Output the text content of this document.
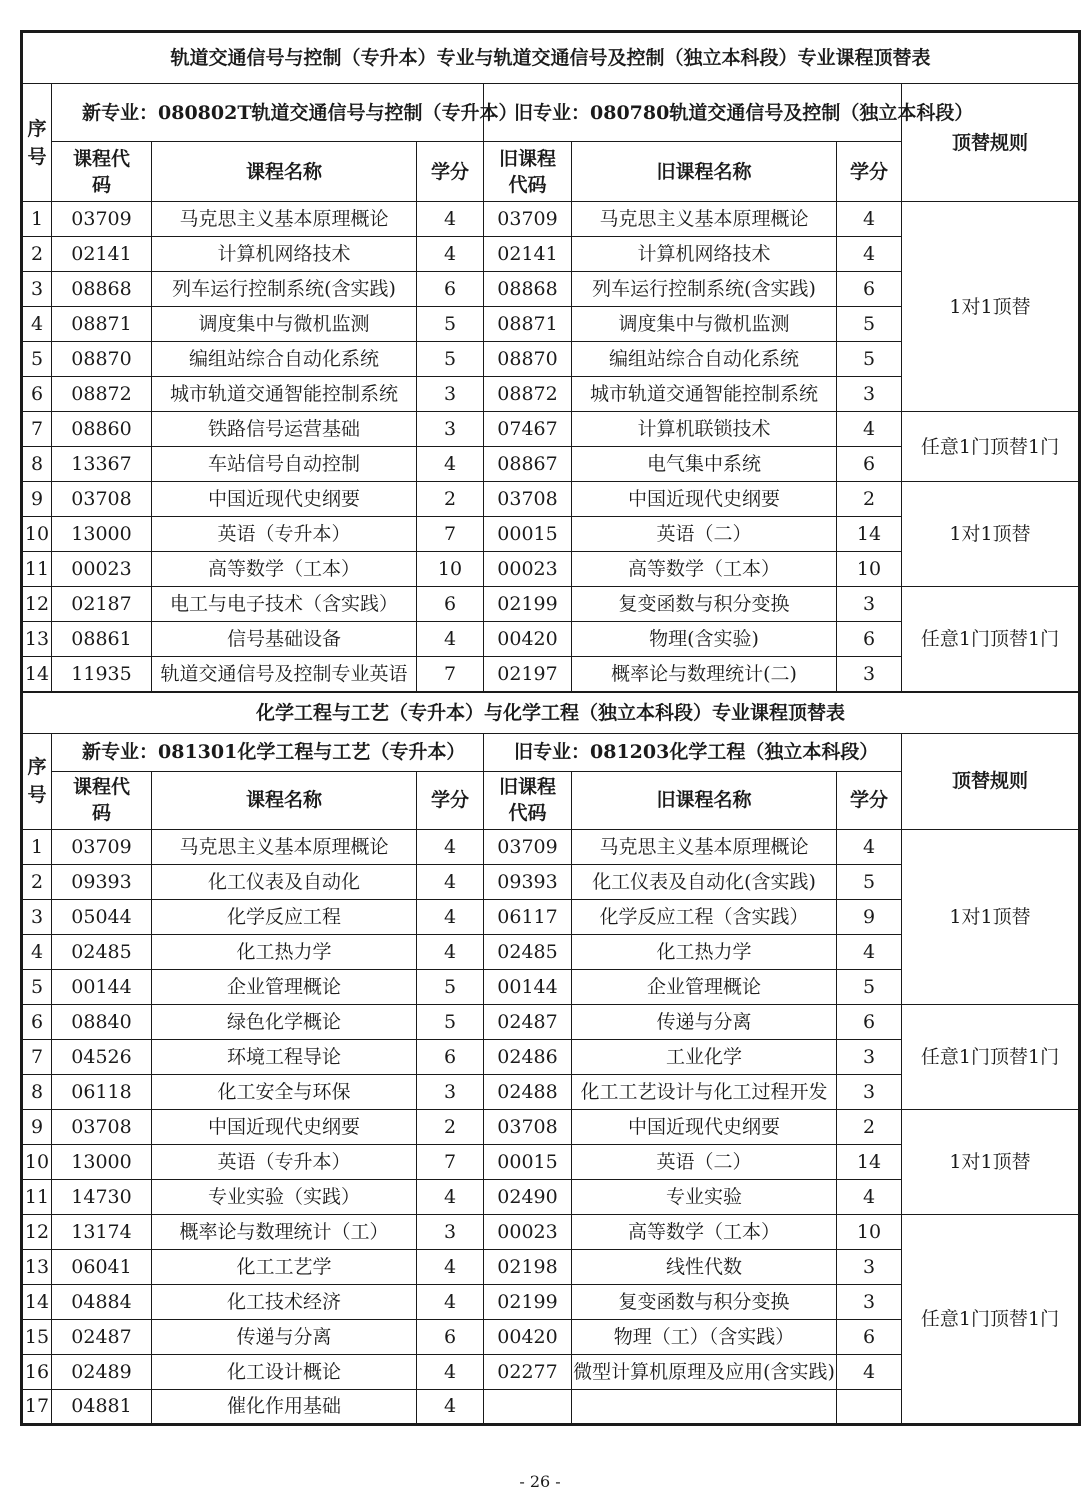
轨道交通信号与控制（专升本）专业与轨道交通信号及控制（独立本科段）专业课程顶替表							
序号	新专业：080802T轨道交通信号与控制（专升本）			旧专业：080780轨道交通信号及控制（独立本科段）			顶替规则
	课程代码	课程名称	学分	旧课程代码	旧课程名称	学分	
1	03709	马克思主义基本原理概论	4	03709	马克思主义基本原理概论	4	1对1顶替
2	02141	计算机网络技术	4	02141	计算机网络技术	4	
3	08868	列车运行控制系统(含实践)	6	08868	列车运行控制系统(含实践)	6	
4	08871	调度集中与微机监测	5	08871	调度集中与微机监测	5	
5	08870	编组站综合自动化系统	5	08870	编组站综合自动化系统	5	
6	08872	城市轨道交通智能控制系统	3	08872	城市轨道交通智能控制系统	3	
7	08860	铁路信号运营基础	3	07467	计算机联锁技术	4	任意1门顶替1门
8	13367	车站信号自动控制	4	08867	电气集中系统	6	
9	03708	中国近现代史纲要	2	03708	中国近现代史纲要	2	1对1顶替
10	13000	英语（专升本）	7	00015	英语（二）	14	
11	00023	高等数学（工本）	10	00023	高等数学（工本）	10	
12	02187	电工与电子技术（含实践）	6	02199	复变函数与积分变换	3	任意1门顶替1门
13	08861	信号基础设备	4	00420	物理(含实验)	6	
14	11935	轨道交通信号及控制专业英语	7	02197	概率论与数理统计(二)	3	
化学工程与工艺（专升本）与化学工程（独立本科段）专业课程顶替表							
序号	新专业：081301化学工程与工艺（专升本）			旧专业：081203化学工程（独立本科段）			顶替规则
	课程代码	课程名称	学分	旧课程代码	旧课程名称	学分	
1	03709	马克思主义基本原理概论	4	03709	马克思主义基本原理概论	4	1对1顶替
2	09393	化工仪表及自动化	4	09393	化工仪表及自动化(含实践)	5	
3	05044	化学反应工程	4	06117	化学反应工程（含实践）	9	
4	02485	化工热力学	4	02485	化工热力学	4	
5	00144	企业管理概论	5	00144	企业管理概论	5	
6	08840	绿色化学概论	5	02487	传递与分离	6	任意1门顶替1门
7	04526	环境工程导论	6	02486	工业化学	3	
8	06118	化工安全与环保	3	02488	化工工艺设计与化工过程开发	3	
9	03708	中国近现代史纲要	2	03708	中国近现代史纲要	2	1对1顶替
10	13000	英语（专升本）	7	00015	英语（二）	14	
11	14730	专业实验（实践）	4	02490	专业实验	4	
12	13174	概率论与数理统计（工）	3	00023	高等数学（工本）	10	任意1门顶替1门
13	06041	化工工艺学	4	02198	线性代数	3	
14	04884	化工技术经济	4	02199	复变函数与积分变换	3	
15	02487	传递与分离	6	00420	物理（工）（含实践）	6	
16	02489	化工设计概论	4	02277	微型计算机原理及应用(含实践)	4	
17	04881	催化作用基础	4				
- 26 -
